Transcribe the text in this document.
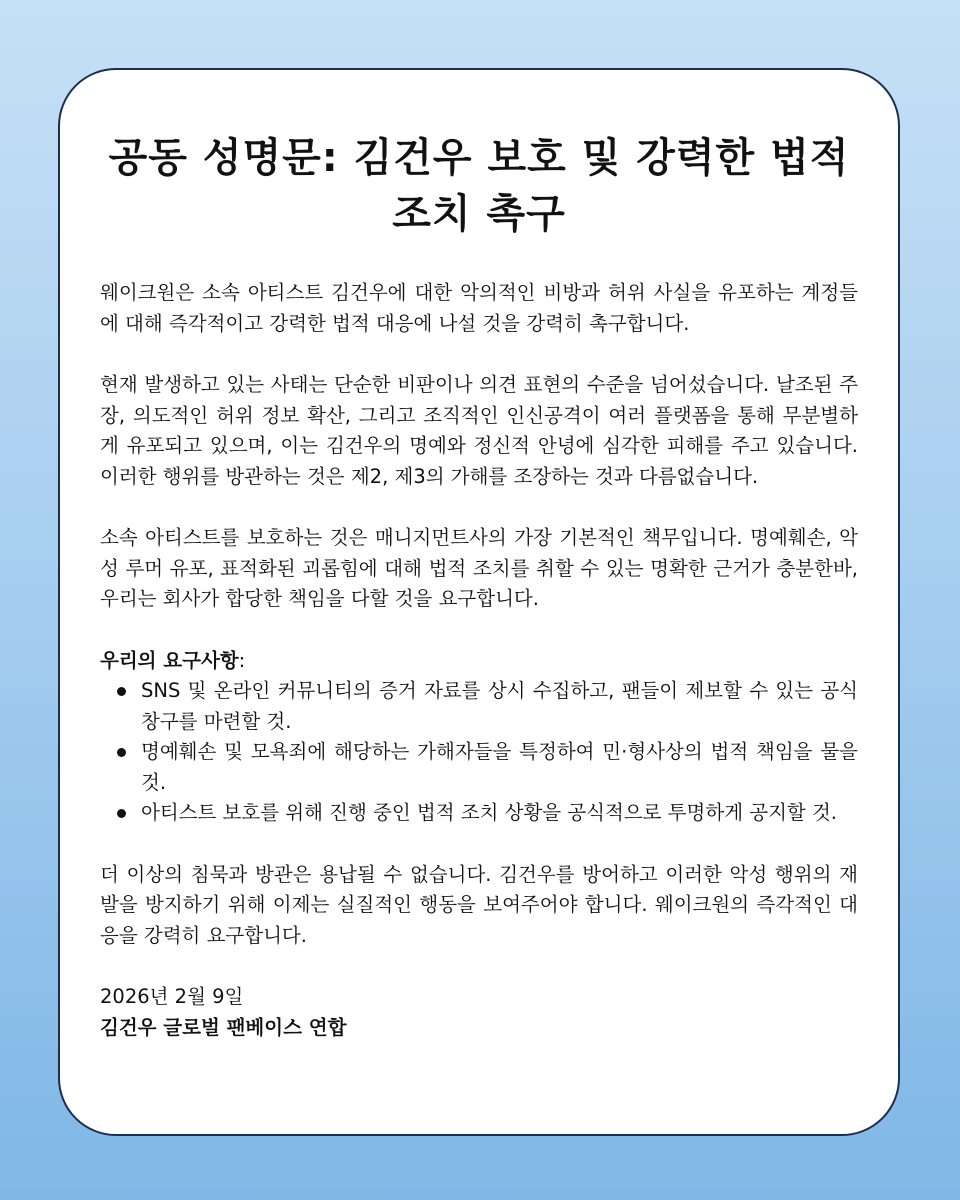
공동 성명문: 김건우 보호 및 강력한 법적
조치 촉구

웨이크원은 소속 아티스트 김건우에 대한 악의적인 비방과 허위 사실을 유포하는 계정들에 대해 즉각적이고 강력한 법적 대응에 나설 것을 강력히 촉구합니다.

현재 발생하고 있는 사태는 단순한 비판이나 의견 표현의 수준을 넘어섰습니다. 날조된 주장, 의도적인 허위 정보 확산, 그리고 조직적인 인신공격이 여러 플랫폼을 통해 무분별하게 유포되고 있으며, 이는 김건우의 명예와 정신적 안녕에 심각한 피해를 주고 있습니다. 이러한 행위를 방관하는 것은 제2, 제3의 가해를 조장하는 것과 다름없습니다.

소속 아티스트를 보호하는 것은 매니지먼트사의 가장 기본적인 책무입니다. 명예훼손, 악성 루머 유포, 표적화된 괴롭힘에 대해 법적 조치를 취할 수 있는 명확한 근거가 충분한바, 우리는 회사가 합당한 책임을 다할 것을 요구합니다.

우리의 요구사항:

SNS 및 온라인 커뮤니티의 증거 자료를 상시 수집하고, 팬들이 제보할 수 있는 공식 창구를 마련할 것.
명예훼손 및 모욕죄에 해당하는 가해자들을 특정하여 민·형사상의 법적 책임을 물을 것.
아티스트 보호를 위해 진행 중인 법적 조치 상황을 공식적으로 투명하게 공지할 것.

더 이상의 침묵과 방관은 용납될 수 없습니다. 김건우를 방어하고 이러한 악성 행위의 재발을 방지하기 위해 이제는 실질적인 행동을 보여주어야 합니다. 웨이크원의 즉각적인 대응을 강력히 요구합니다.

2026년 2월 9일

김건우 글로벌 팬베이스 연합
